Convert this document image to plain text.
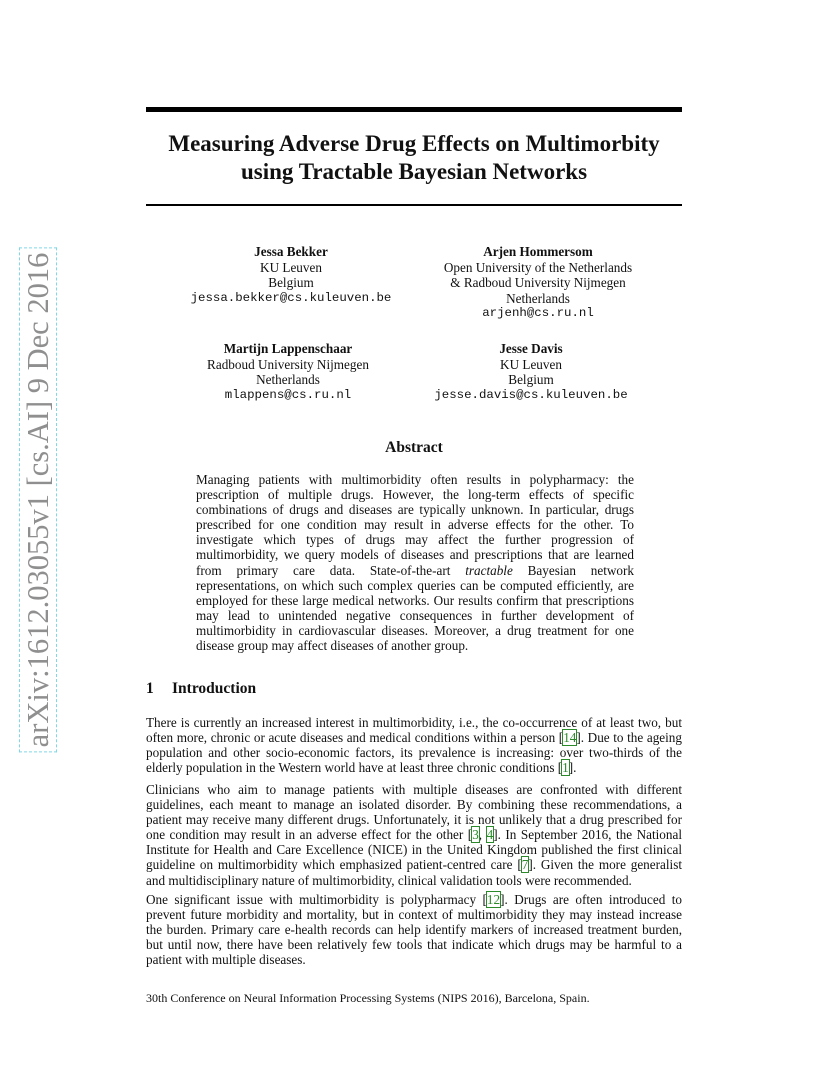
arXiv:1612.03055v1 [cs.AI] 9 Dec 2016
Measuring Adverse Drug Effects on Multimorbity
using Tractable Bayesian Networks
Jessa Bekker
KU Leuven
Belgium
jessa.bekker@cs.kuleuven.be
Arjen Hommersom
Open University of the Netherlands
& Radboud University Nijmegen
Netherlands
arjenh@cs.ru.nl
Martijn Lappenschaar
Radboud University Nijmegen
Netherlands
mlappens@cs.ru.nl
Jesse Davis
KU Leuven
Belgium
jesse.davis@cs.kuleuven.be
Abstract

Managing patients with multimorbidity often results in polypharmacy: the prescription of multiple drugs. However, the long-term effects of specific combinations of drugs and diseases are typically unknown. In particular, drugs prescribed for one condition may result in adverse effects for the other. To investigate which types of drugs may affect the further progression of multimorbidity, we query models of diseases and prescriptions that are learned from primary care data. State-of-the-art tractable Bayesian network representations, on which such complex queries can be computed efficiently, are employed for these large medical networks. Our results confirm that prescriptions may lead to unintended negative consequences in further development of multimorbidity in cardiovascular diseases. Moreover, a drug treatment for one disease group may affect diseases of another group.

1 Introduction

There is currently an increased interest in multimorbidity, i.e., the co-occurrence of at least two, but often more, chronic or acute diseases and medical conditions within a person [14]. Due to the ageing population and other socio-economic factors, its prevalence is increasing: over two-thirds of the elderly population in the Western world have at least three chronic conditions [1].

Clinicians who aim to manage patients with multiple diseases are confronted with different guidelines, each meant to manage an isolated disorder. By combining these recommendations, a patient may receive many different drugs. Unfortunately, it is not unlikely that a drug prescribed for one condition may result in an adverse effect for the other [3, 4]. In September 2016, the National Institute for Health and Care Excellence (NICE) in the United Kingdom published the first clinical guideline on multimorbidity which emphasized patient-centred care [7]. Given the more generalist and multidisciplinary nature of multimorbidity, clinical validation tools were recommended.

One significant issue with multimorbidity is polypharmacy [12]. Drugs are often introduced to prevent future morbidity and mortality, but in context of multimorbidity they may instead increase the burden. Primary care e-health records can help identify markers of increased treatment burden, but until now, there have been relatively few tools that indicate which drugs may be harmful to a patient with multiple diseases.

30th Conference on Neural Information Processing Systems (NIPS 2016), Barcelona, Spain.
